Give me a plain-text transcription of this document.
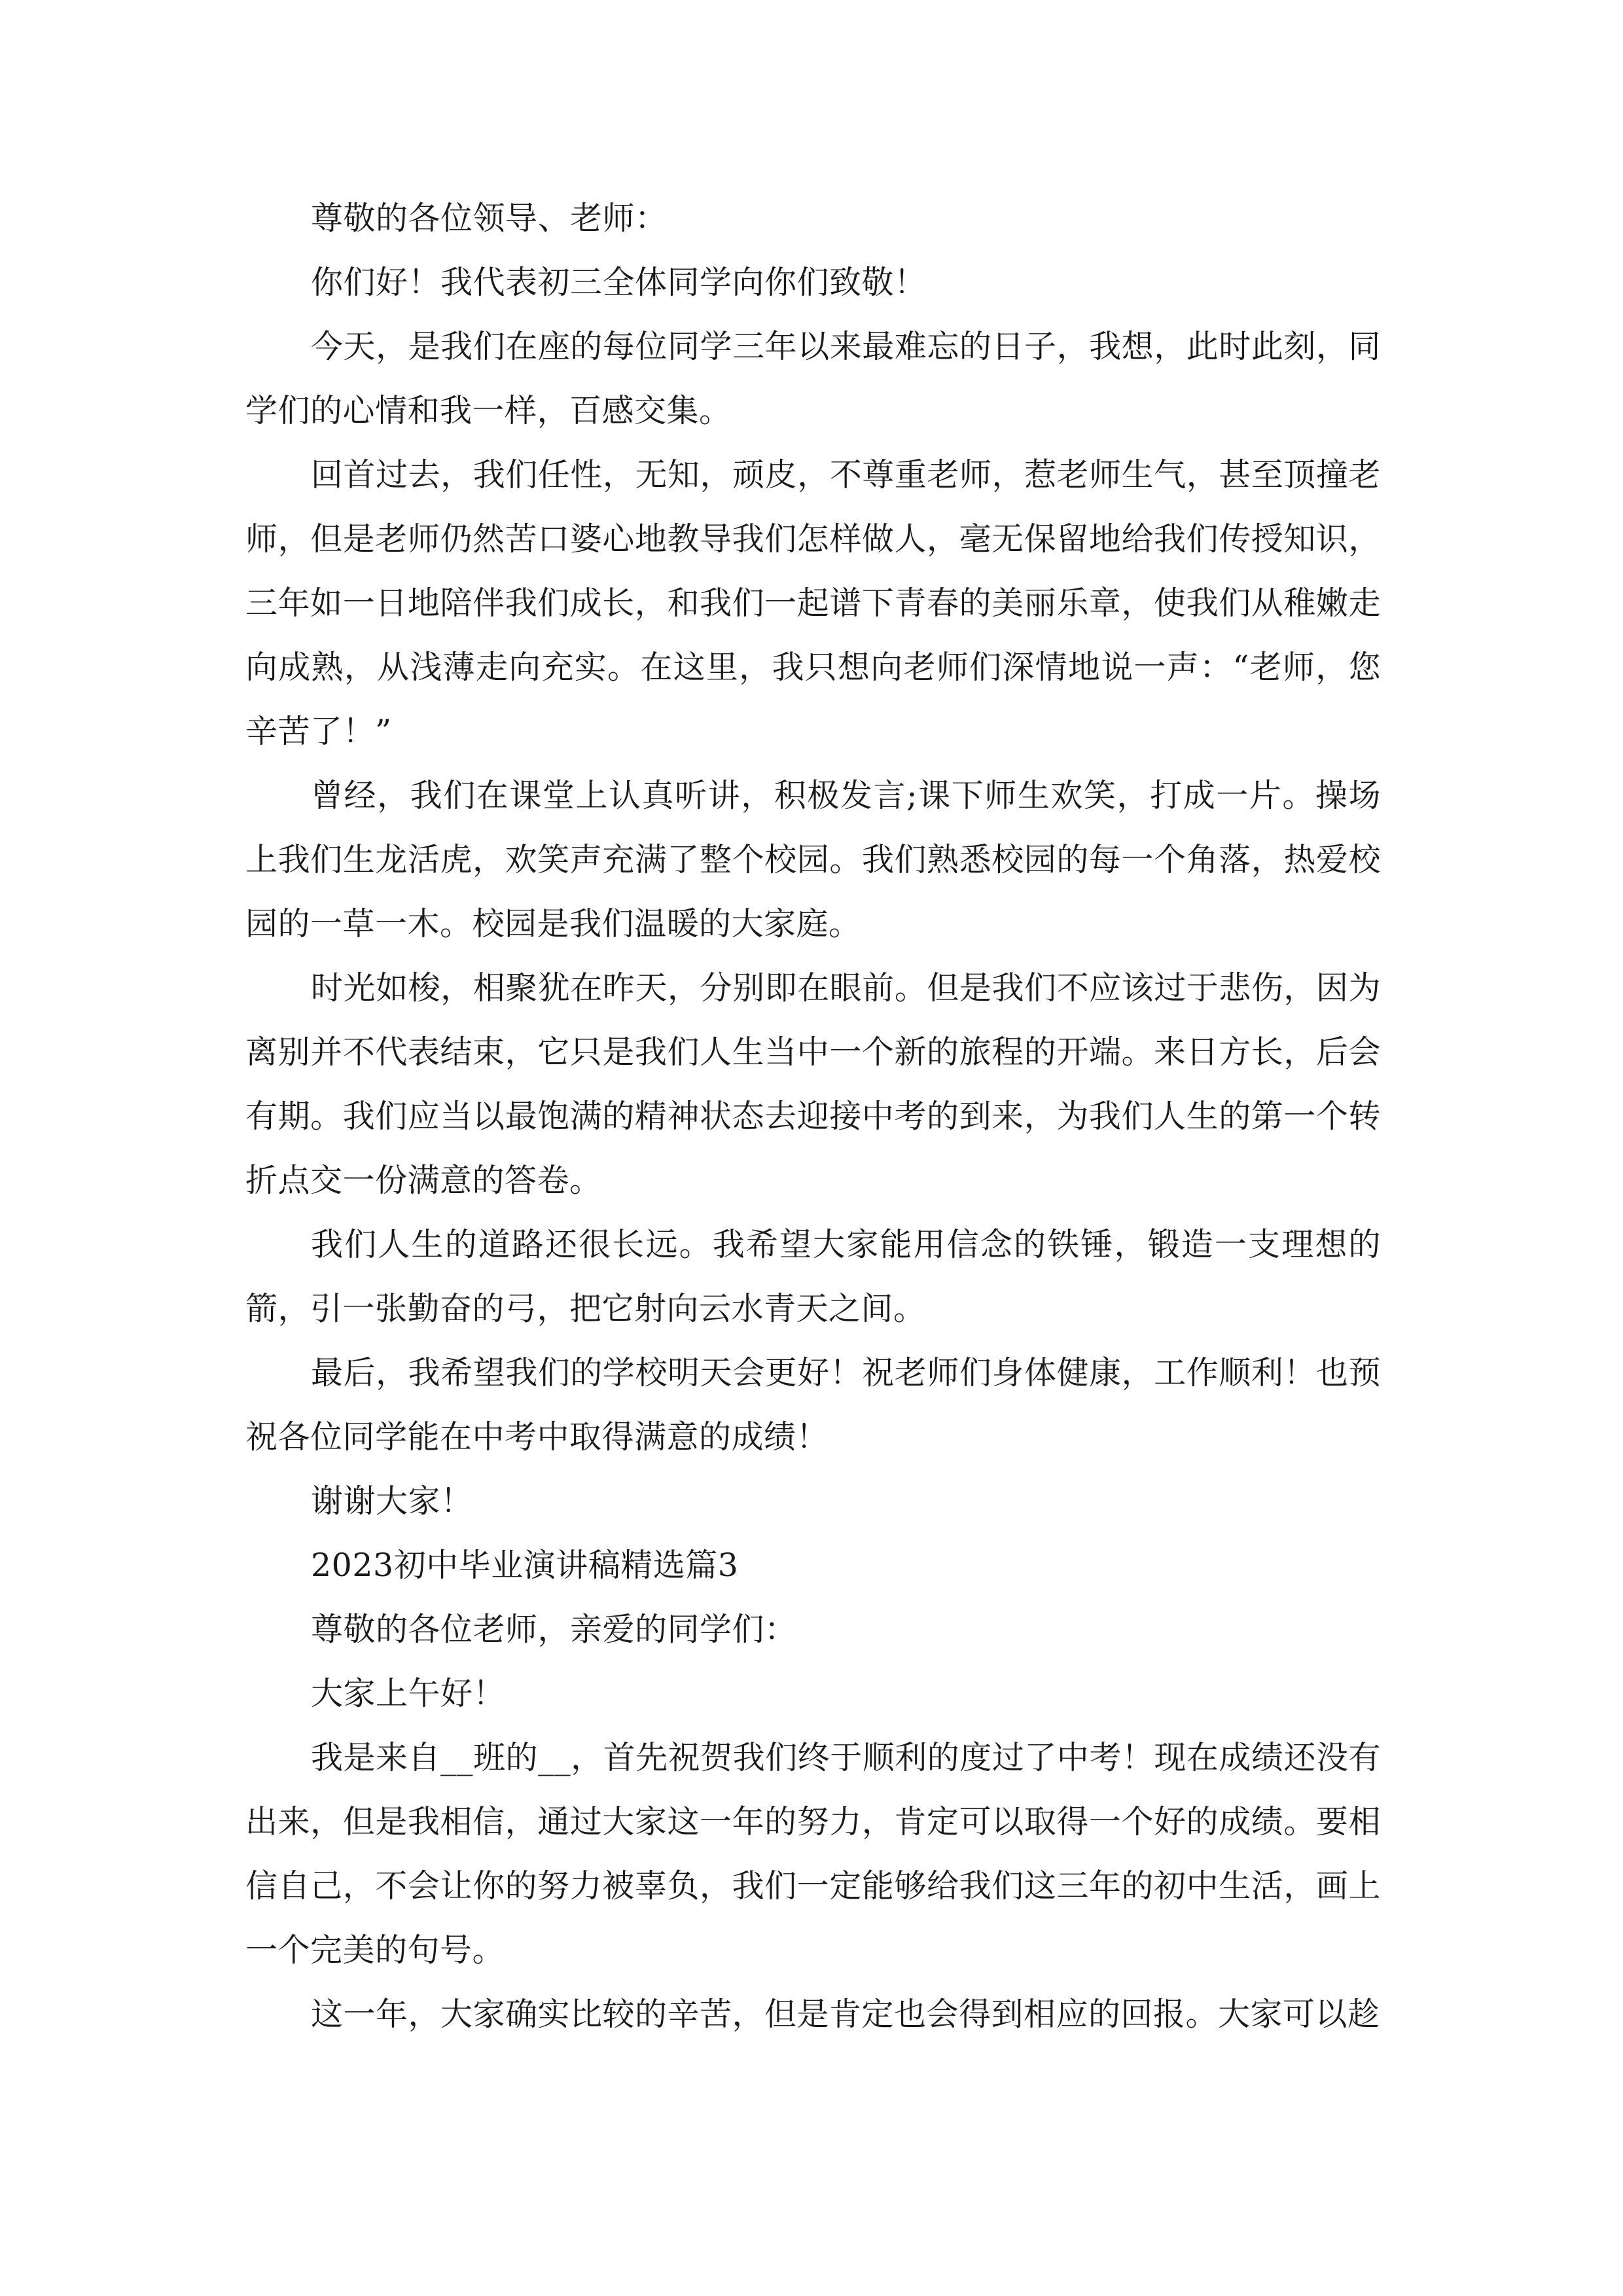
尊敬的各位领导、老师：

你们好！我代表初三全体同学向你们致敬！

今天，是我们在座的每位同学三年以来最难忘的日子，我想，此时此刻，同学们的心情和我一样，百感交集。

回首过去，我们任性，无知，顽皮，不尊重老师，惹老师生气，甚至顶撞老师，但是老师仍然苦口婆心地教导我们怎样做人，毫无保留地给我们传授知识，三年如一日地陪伴我们成长，和我们一起谱下青春的美丽乐章，使我们从稚嫩走向成熟，从浅薄走向充实。在这里，我只想向老师们深情地说一声：“老师，您辛苦了！”

曾经，我们在课堂上认真听讲，积极发言;课下师生欢笑，打成一片。操场上我们生龙活虎，欢笑声充满了整个校园。我们熟悉校园的每一个角落，热爱校园的一草一木。校园是我们温暖的大家庭。

时光如梭，相聚犹在昨天，分别即在眼前。但是我们不应该过于悲伤，因为离别并不代表结束，它只是我们人生当中一个新的旅程的开端。来日方长，后会有期。我们应当以最饱满的精神状态去迎接中考的到来，为我们人生的第一个转折点交一份满意的答卷。

我们人生的道路还很长远。我希望大家能用信念的铁锤，锻造一支理想的箭，引一张勤奋的弓，把它射向云水青天之间。

最后，我希望我们的学校明天会更好！祝老师们身体健康，工作顺利！也预祝各位同学能在中考中取得满意的成绩！

谢谢大家！

2023初中毕业演讲稿精选篇3

尊敬的各位老师，亲爱的同学们：

大家上午好！

我是来自__班的__，首先祝贺我们终于顺利的度过了中考！现在成绩还没有出来，但是我相信，通过大家这一年的努力，肯定可以取得一个好的成绩。要相信自己，不会让你的努力被辜负，我们一定能够给我们这三年的初中生活，画上一个完美的句号。

这一年，大家确实比较的辛苦，但是肯定也会得到相应的回报。大家可以趁
